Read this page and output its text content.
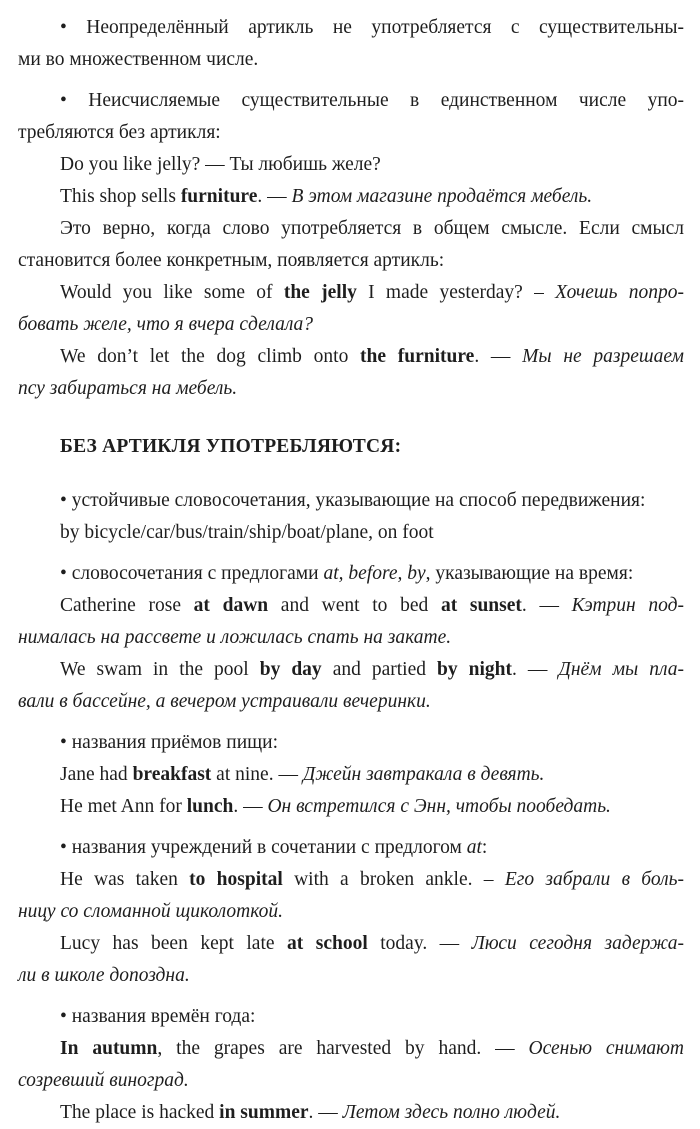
• Неопределённый артикль не употребляется с существительны-
ми во множественном числе.
• Неисчисляемые существительные в единственном числе упо-
требляются без артикля:
Do you like jelly? — Ты любишь желе?
This shop sells furniture. — В этом магазине продаётся мебель.
Это верно, когда слово употребляется в общем смысле. Если смысл
становится более конкретным, появляется артикль:
Would you like some of the jelly I made yesterday? – Хочешь попро-
бовать желе, что я вчера сделала?
We don’t let the dog climb onto the furniture. — Мы не разрешаем
псу забираться на мебель.
БЕЗ АРТИКЛЯ УПОТРЕБЛЯЮТСЯ:
• устойчивые словосочетания, указывающие на способ передвижения:
by bicycle/car/bus/train/ship/boat/plane, on foot
• словосочетания с предлогами at, before, by, указывающие на время:
Catherine rose at dawn and went to bed at sunset. — Кэтрин под-
нималась на рассвете и ложилась спать на закате.
We swam in the pool by day and partied by night. — Днём мы пла-
вали в бассейне, а вечером устраивали вечеринки.
• названия приёмов пищи:
Jane had breakfast at nine. — Джейн завтракала в девять.
He met Ann for lunch. — Он встретился с Энн, чтобы пообедать.
• названия учреждений в сочетании с предлогом at:
He was taken to hospital with a broken ankle. – Его забрали в боль-
ницу со сломанной щиколоткой.
Lucy has been kept late at school today. — Люси сегодня задержа-
ли в школе допоздна.
• названия времён года:
In autumn, the grapes are harvested by hand. — Осенью снимают
созревший виноград.
The place is hacked in summer. — Летом здесь полно людей.
